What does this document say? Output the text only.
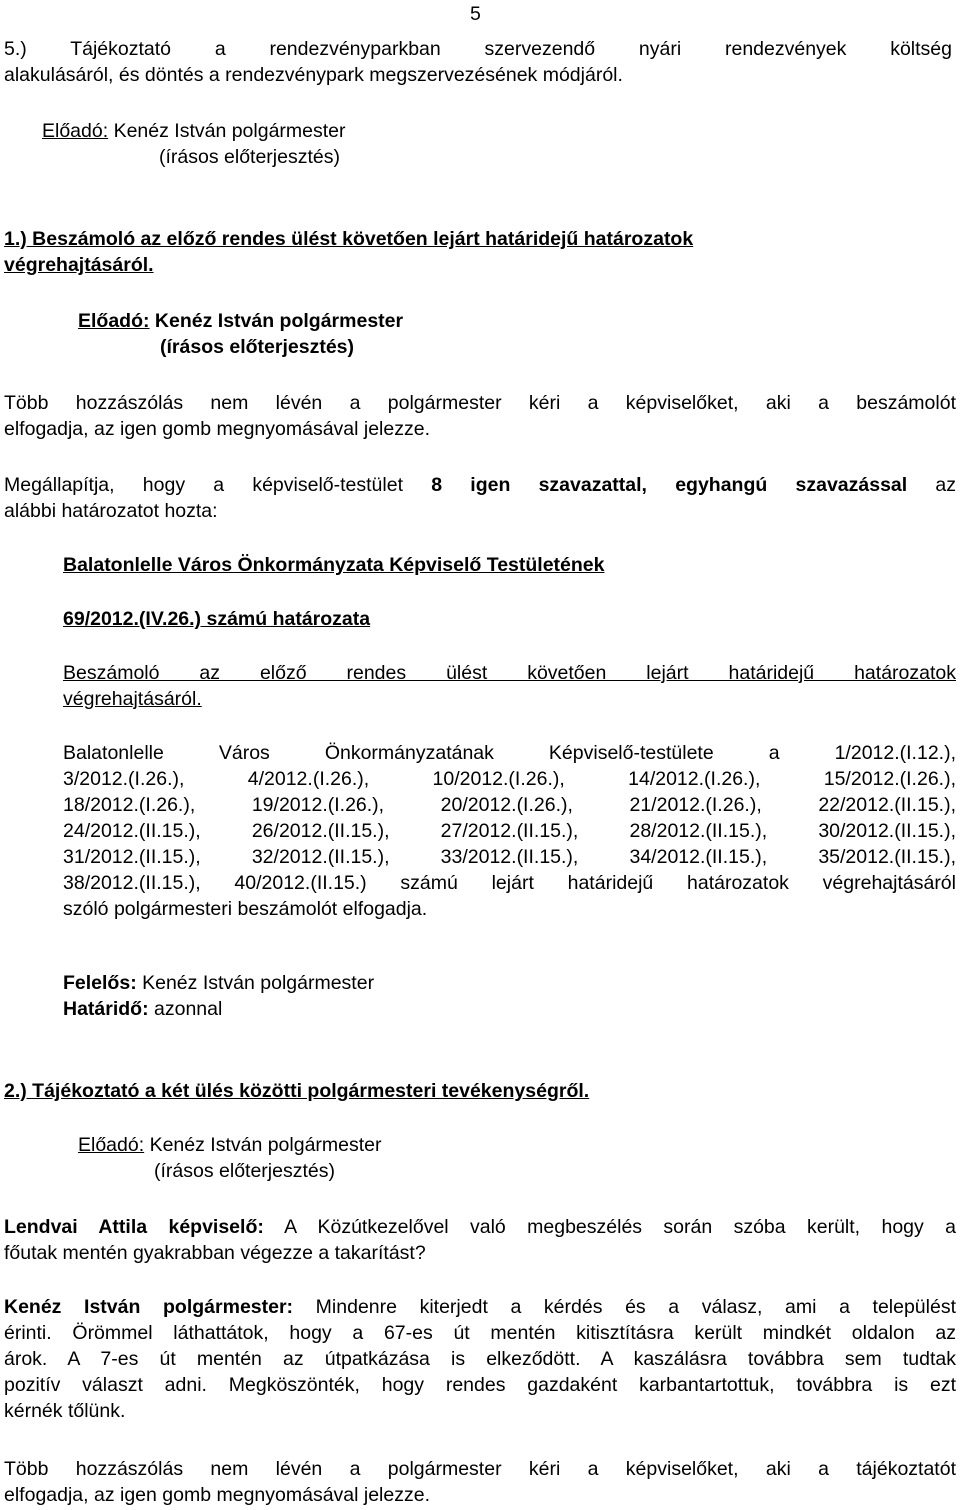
5
5.) Tájékoztató a rendezvényparkban szervezendő nyári rendezvények költség
alakulásáról, és döntés a rendezvénypark megszervezésének módjáról.
Előadó: Kenéz István polgármester
(írásos előterjesztés)
1.) Beszámoló az előző rendes ülést követően lejárt határidejű határozatok
végrehajtásáról.
Előadó: Kenéz István polgármester
(írásos előterjesztés)
Több hozzászólás nem lévén a polgármester kéri a képviselőket, aki a beszámolót
elfogadja, az igen gomb megnyomásával jelezze.
Megállapítja, hogy a képviselő-testület 8 igen szavazattal, egyhangú szavazással az
alábbi határozatot hozta:
Balatonlelle Város Önkormányzata Képviselő Testületének
69/2012.(IV.26.) számú határozata
Beszámoló az előző rendes ülést követően lejárt határidejű határozatok
végrehajtásáról.
Balatonlelle Város Önkormányzatának Képviselő-testülete a 1/2012.(I.12.),
3/2012.(I.26.), 4/2012.(I.26.), 10/2012.(I.26.), 14/2012.(I.26.), 15/2012.(I.26.),
18/2012.(I.26.), 19/2012.(I.26.), 20/2012.(I.26.), 21/2012.(I.26.), 22/2012.(II.15.),
24/2012.(II.15.), 26/2012.(II.15.), 27/2012.(II.15.), 28/2012.(II.15.), 30/2012.(II.15.),
31/2012.(II.15.), 32/2012.(II.15.), 33/2012.(II.15.), 34/2012.(II.15.), 35/2012.(II.15.),
38/2012.(II.15.), 40/2012.(II.15.) számú lejárt határidejű határozatok végrehajtásáról
szóló polgármesteri beszámolót elfogadja.
Felelős: Kenéz István polgármester
Határidő: azonnal
2.) Tájékoztató a két ülés közötti polgármesteri tevékenységről.
Előadó: Kenéz István polgármester
(írásos előterjesztés)
Lendvai Attila képviselő: A Közútkezelővel való megbeszélés során szóba került, hogy a
főutak mentén gyakrabban végezze a takarítást?
Kenéz István polgármester: Mindenre kiterjedt a kérdés és a válasz, ami a települést
érinti. Örömmel láthattátok, hogy a 67-es út mentén kitisztításra került mindkét oldalon az
árok. A 7-es út mentén az útpatkázása is elkeződött. A kaszálásra továbbra sem tudtak
pozitív választ adni. Megköszönték, hogy rendes gazdaként karbantartottuk, továbbra is ezt
kérnék tőlünk.
Több hozzászólás nem lévén a polgármester kéri a képviselőket, aki a tájékoztatót
elfogadja, az igen gomb megnyomásával jelezze.
